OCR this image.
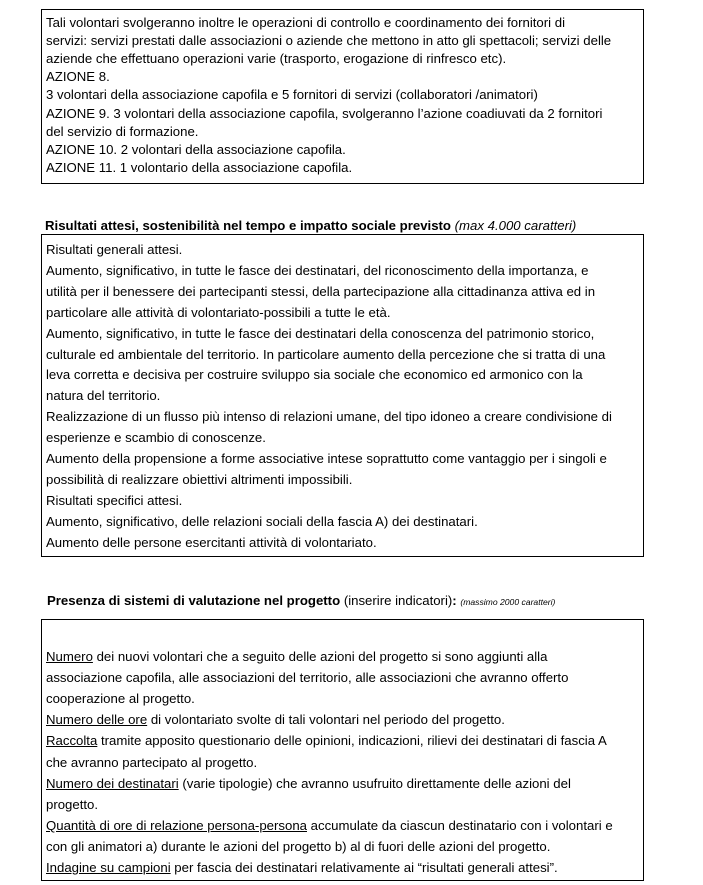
Tali volontari svolgeranno inoltre le operazioni di controllo e coordinamento dei fornitori di
servizi: servizi prestati dalle associazioni o aziende che mettono in atto gli spettacoli; servizi delle
aziende che effettuano operazioni varie (trasporto, erogazione di rinfresco etc).
AZIONE 8.
3 volontari della associazione capofila e 5 fornitori di servizi (collaboratori /animatori)
AZIONE 9. 3 volontari della associazione capofila, svolgeranno l’azione coadiuvati da 2 fornitori
del servizio di formazione.
AZIONE 10. 2 volontari della associazione capofila.
AZIONE 11. 1 volontario della associazione capofila.
Risultati attesi, sostenibilità nel tempo e impatto sociale previsto (max 4.000 caratteri)
Risultati generali attesi.
Aumento, significativo, in tutte le fasce dei destinatari, del riconoscimento della importanza, e
utilità per il benessere dei partecipanti stessi, della partecipazione alla cittadinanza attiva ed in
particolare alle attività di volontariato-possibili a tutte le età.
Aumento, significativo, in tutte le fasce dei destinatari della conoscenza del patrimonio storico,
culturale ed ambientale del territorio. In particolare aumento della percezione che si tratta di una
leva corretta e decisiva per costruire sviluppo sia sociale che economico ed armonico con la
natura del territorio.
Realizzazione di un flusso più intenso di relazioni umane, del tipo idoneo a creare condivisione di
esperienze e scambio di conoscenze.
Aumento della propensione a forme associative intese soprattutto come vantaggio per i singoli e
possibilità di realizzare obiettivi altrimenti impossibili.
Risultati specifici attesi.
Aumento, significativo, delle relazioni sociali della fascia A) dei destinatari.
Aumento delle persone esercitanti attività di volontariato.
Presenza di sistemi di valutazione nel progetto (inserire indicatori): (massimo 2000 caratteri)
Numero dei nuovi volontari che a seguito delle azioni del progetto si sono aggiunti alla
associazione capofila, alle associazioni del territorio, alle associazioni che avranno offerto
cooperazione al progetto.
Numero delle ore di volontariato svolte di tali volontari nel periodo del progetto.
Raccolta tramite apposito questionario delle opinioni, indicazioni, rilievi dei destinatari di fascia A
che avranno partecipato al progetto.
Numero dei destinatari (varie tipologie) che avranno usufruito direttamente delle azioni del
progetto.
Quantità di ore di relazione persona-persona accumulate da ciascun destinatario con i volontari e
con gli animatori a) durante le azioni del progetto b) al di fuori delle azioni del progetto.
Indagine su campioni per fascia dei destinatari relativamente ai “risultati generali attesi”.
